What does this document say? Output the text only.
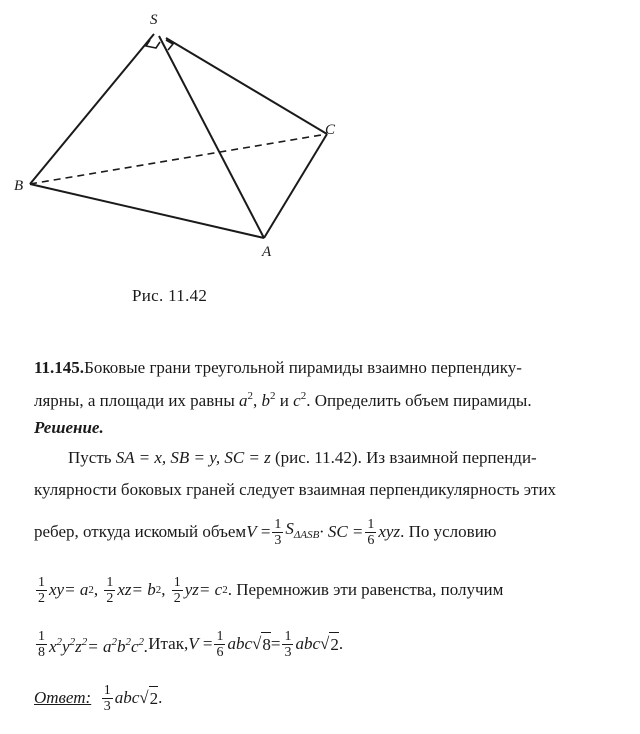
S
C
B
A
Рис. 11.42
11.145.Боковые грани треугольной пирамиды взаимно перпендику-
лярны, а площади их равны $a^2$, $b^2$ и $c^2$. Определить объем пирамиды.
Решение.
Пусть SA = x, SB = y, SC = z (рис. 11.42). Из взаимной перпенди-
кулярности боковых граней следует взаимная перпендикулярность этих
ребер, откуда искомый объем $V = \frac{1}{3} S_{\Delta ASB}$ · SC = $\frac{1}{6}$ xyz . По условию
$\frac{1}{2}$ xy = a 2 , $\frac{1}{2}$ xz = b 2 , $\frac{1}{2}$ yz = c 2 . Перемножив эти равенства, получим
$\frac{1}{8} x^2y^2z^2 = a^2b^2c^2$. Итак, $V = \frac{1}{6}$ abc √ $8 = \frac{1}{3}$ abc √ 2 .
Ответ:
$\frac{1}{3}$ abc √ 2 .
